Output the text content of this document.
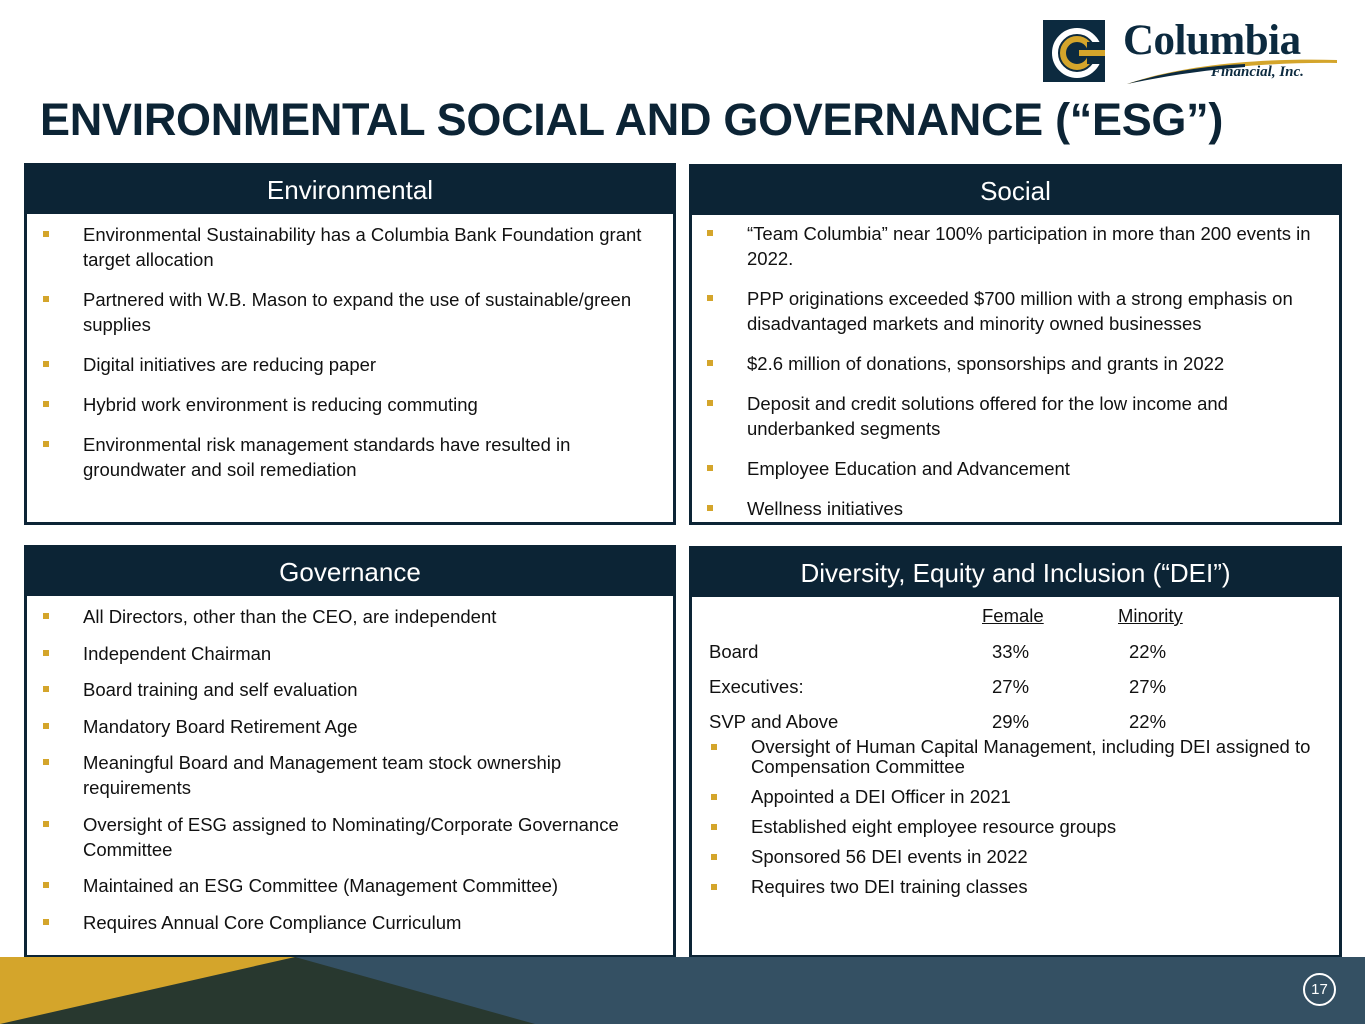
Columbia
Financial, Inc.
ENVIRONMENTAL SOCIAL AND GOVERNANCE (“ESG”)
Environmental
Environmental Sustainability has a Columbia Bank Foundation grant target allocation
Partnered with W.B. Mason to expand the use of sustainable/green supplies
Digital initiatives are reducing paper
Hybrid work environment is reducing commuting
Environmental risk management standards have resulted in groundwater and soil remediation
Social
“Team Columbia” near 100% participation in more than 200 events in 2022.
PPP originations exceeded $700 million with a strong emphasis on disadvantaged markets and minority owned businesses
$2.6 million of donations, sponsorships and grants in 2022
Deposit and credit solutions offered for the low income and underbanked segments
Employee Education and Advancement
Wellness initiatives
Governance
All Directors, other than the CEO, are independent
Independent Chairman
Board training and self evaluation
Mandatory Board Retirement Age
Meaningful Board and Management team stock ownership requirements
Oversight of ESG assigned to Nominating/Corporate Governance Committee
Maintained an ESG Committee (Management Committee)
Requires Annual Core Compliance Curriculum
Diversity, Equity and Inclusion (“DEI”)
Female	Minority
Board	33%	22%
Executives:	27%	27%
SVP and Above	29%	22%
Oversight of Human Capital Management, including DEI assigned to Compensation Committee
Appointed a DEI Officer in 2021
Established eight employee resource groups
Sponsored 56 DEI events in 2022
Requires two DEI training classes
17
